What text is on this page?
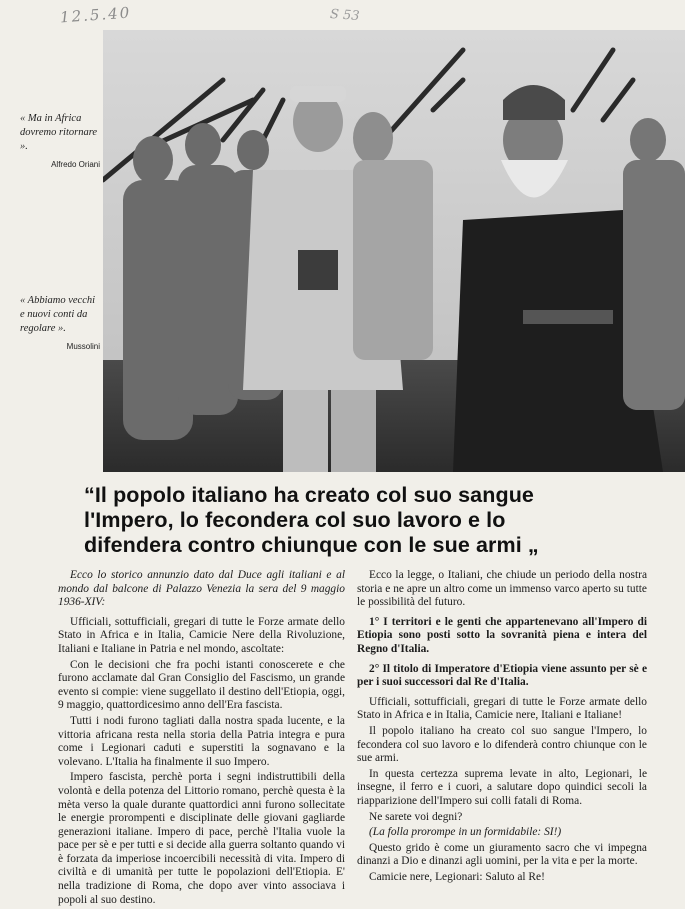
12.5.40	S 53
« Ma in Africa dovremo ritornare ».
Alfredo Oriani
« Abbiamo vecchi e nuovi conti da regolare ».
Mussolini
“Il popolo italiano ha creato col suo sangue
l'Impero, lo fecondera col suo lavoro e lo
difendera contro chiunque con le sue armi „

Ecco lo storico annunzio dato dal Duce agli italiani e al mondo dal balcone di Palazzo Venezia la sera del 9 maggio 1936-XIV:

Ufficiali, sottufficiali, gregari di tutte le Forze armate dello Stato in Africa e in Italia, Camicie Nere della Rivoluzione, Italiani e Italiane in Patria e nel mondo, ascoltate:

Con le decisioni che fra pochi istanti conoscerete e che furono acclamate dal Gran Consiglio del Fascismo, un grande evento si compie: viene suggellato il destino dell'Etiopia, oggi, 9 maggio, quattordicesimo anno dell'Era fascista.

Tutti i nodi furono tagliati dalla nostra spada lucente, e la vittoria africana resta nella storia della Patria integra e pura come i Legionari caduti e superstiti la sognavano e la volevano. L'Italia ha finalmente il suo Impero.

Impero fascista, perchè porta i segni indistruttibili della volontà e della potenza del Littorio romano, perchè questa è la mèta verso la quale durante quattordici anni furono sollecitate le energie prorompenti e disciplinate delle giovani gagliarde generazioni italiane. Impero di pace, perchè l'Italia vuole la pace per sè e per tutti e si decide alla guerra soltanto quando vi è forzata da imperiose incoercibili necessità di vita. Impero di civiltà e di umanità per tutte le popolazioni dell'Etiopia. E' nella tradizione di Roma, che dopo aver vinto associava i popoli al suo destino.

Ecco la legge, o Italiani, che chiude un periodo della nostra storia e ne apre un altro come un immenso varco aperto su tutte le possibilità del futuro.

1° I territori e le genti che appartenevano all'Impero di Etiopia sono posti sotto la sovranità piena e intera del Regno d'Italia.

2° Il titolo di Imperatore d'Etiopia viene assunto per sè e per i suoi successori dal Re d'Italia.

Ufficiali, sottufficiali, gregari di tutte le Forze armate dello Stato in Africa e in Italia, Camicie nere, Italiani e Italiane!

Il popolo italiano ha creato col suo sangue l'Impero, lo fecondera col suo lavoro e lo difenderà contro chiunque con le sue armi.

In questa certezza suprema levate in alto, Legionari, le insegne, il ferro e i cuori, a salutare dopo quindici secoli la riapparizione dell'Impero sui colli fatali di Roma.

Ne sarete voi degni?

(La folla prorompe in un formidabile: SI!)

Questo grido è come un giuramento sacro che vi impegna dinanzi a Dio e dinanzi agli uomini, per la vita e per la morte.

Camicie nere, Legionari: Saluto al Re!
